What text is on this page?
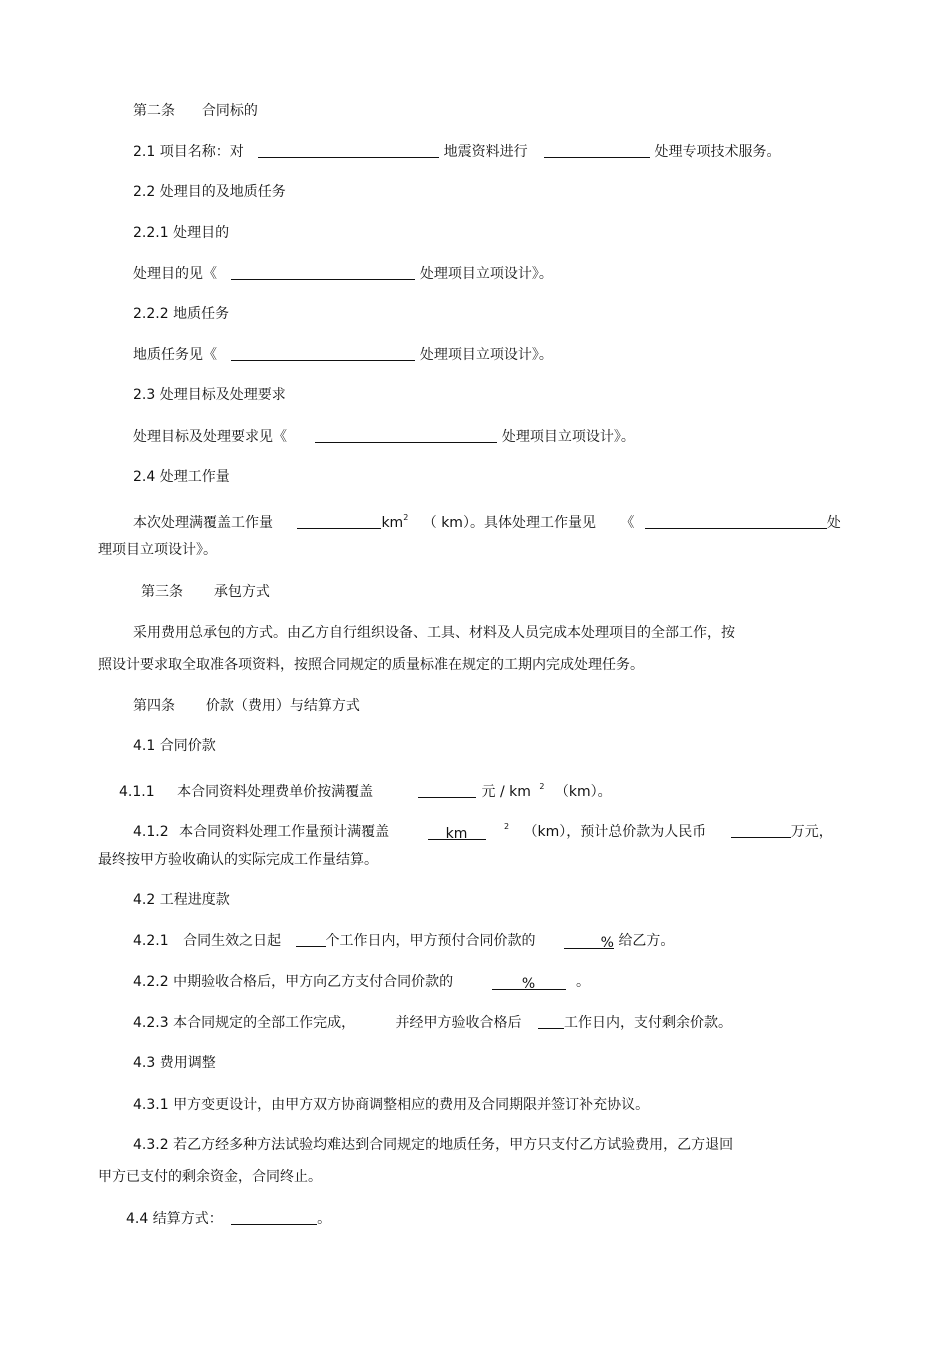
第二条 合同标的
2.1 项目名称：对	地震资料进行	处理专项技术服务。
2.2 处理目的及地质任务
2.2.1 处理目的
处理目的见《	处理项目立项设计》。
2.2.2 地质任务
地质任务见《	处理项目立项设计》。
2.3 处理目标及处理要求
处理目标及处理要求见《	处理项目立项设计》。
2.4 处理工作量
本次处理满覆盖工作量	$km^2$ （ km）。具体处理工作量见 《	处
理项目立项设计》。
第三条 承包方式
采用费用总承包的方式。由乙方自行组织设备、工具、材料及人员完成本处理项目的全部工作，按
照设计要求取全取准各项资料，按照合同规定的质量标准在规定的工期内完成处理任务。
第四条 价款（费用）与结算方式
4.1 合同价款
4.1.1 本合同资料处理费单价按满覆盖	元 / km $^2$ （km）。
4.1.2 本合同资料处理工作量预计满覆盖	km	$^2$ （km），预计总价款为人民币	万元，
最终按甲方验收确认的实际完成工作量结算。
4.2 工程进度款
4.2.1 合同生效之日起	个工作日内，甲方预付合同价款的	% 给乙方。
4.2.2 中期验收合格后，甲方向乙方支付合同价款的	%	。
4.2.3 本合同规定的全部工作完成，	并经甲方验收合格后	工作日内，支付剩余价款。
4.3 费用调整
4.3.1 甲方变更设计，由甲方双方协商调整相应的费用及合同期限并签订补充协议。
4.3.2 若乙方经多种方法试验均难达到合同规定的地质任务，甲方只支付乙方试验费用，乙方退回
甲方已支付的剩余资金，合同终止。
4.4 结算方式：	。
